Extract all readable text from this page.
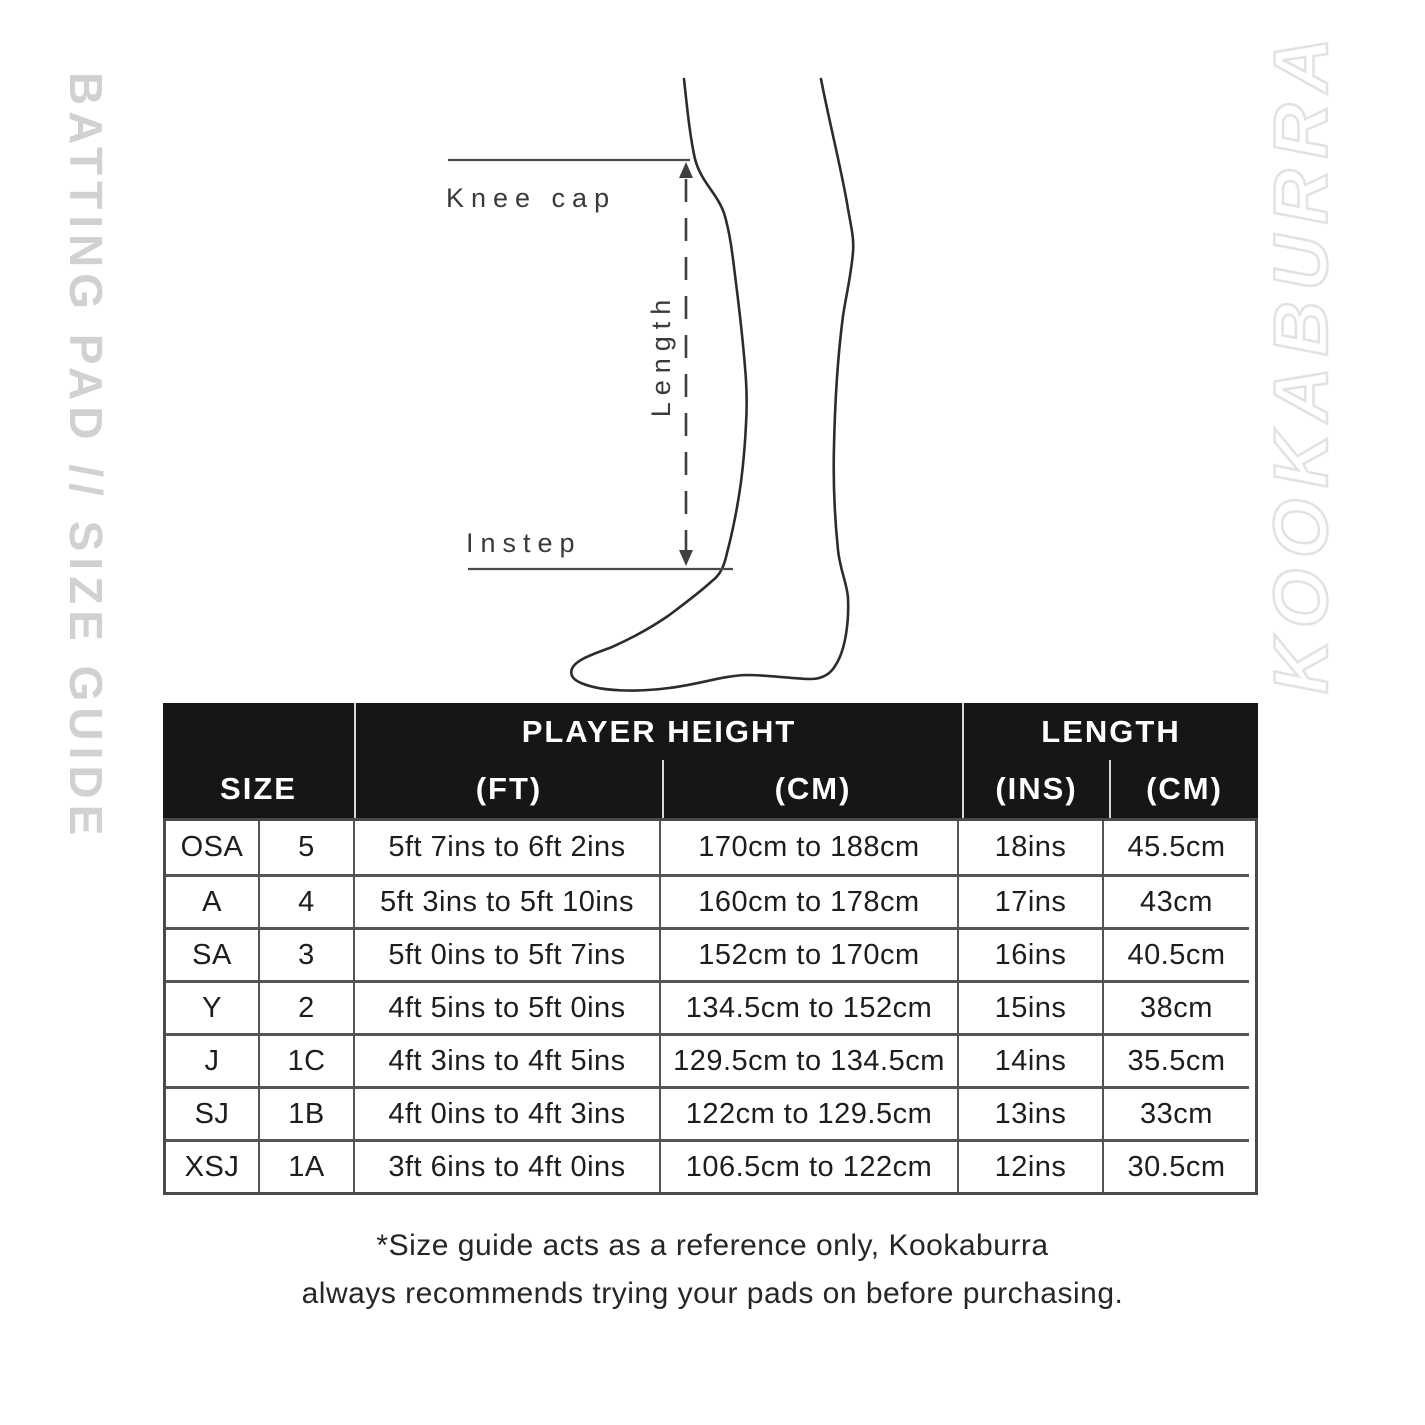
BATTING PAD // SIZE GUIDE	KOOKABURRA
Knee cap
Instep
Length
SIZE
PLAYER HEIGHT	LENGTH
(FT)	(CM)	(INS)	(CM)
OSA	5	5ft 7ins to 6ft 2ins	170cm to 188cm	18ins	45.5cm
A	4	5ft 3ins to 5ft 10ins	160cm to 178cm	17ins	43cm
SA	3	5ft 0ins to 5ft 7ins	152cm to 170cm	16ins	40.5cm
Y	2	4ft 5ins to 5ft 0ins	134.5cm to 152cm	15ins	38cm
J	1C	4ft 3ins to 4ft 5ins	129.5cm to 134.5cm	14ins	35.5cm
SJ	1B	4ft 0ins to 4ft 3ins	122cm to 129.5cm	13ins	33cm
XSJ	1A	3ft 6ins to 4ft 0ins	106.5cm to 122cm	12ins	30.5cm
*Size guide acts as a reference only, Kookaburra
always recommends trying your pads on before purchasing.
